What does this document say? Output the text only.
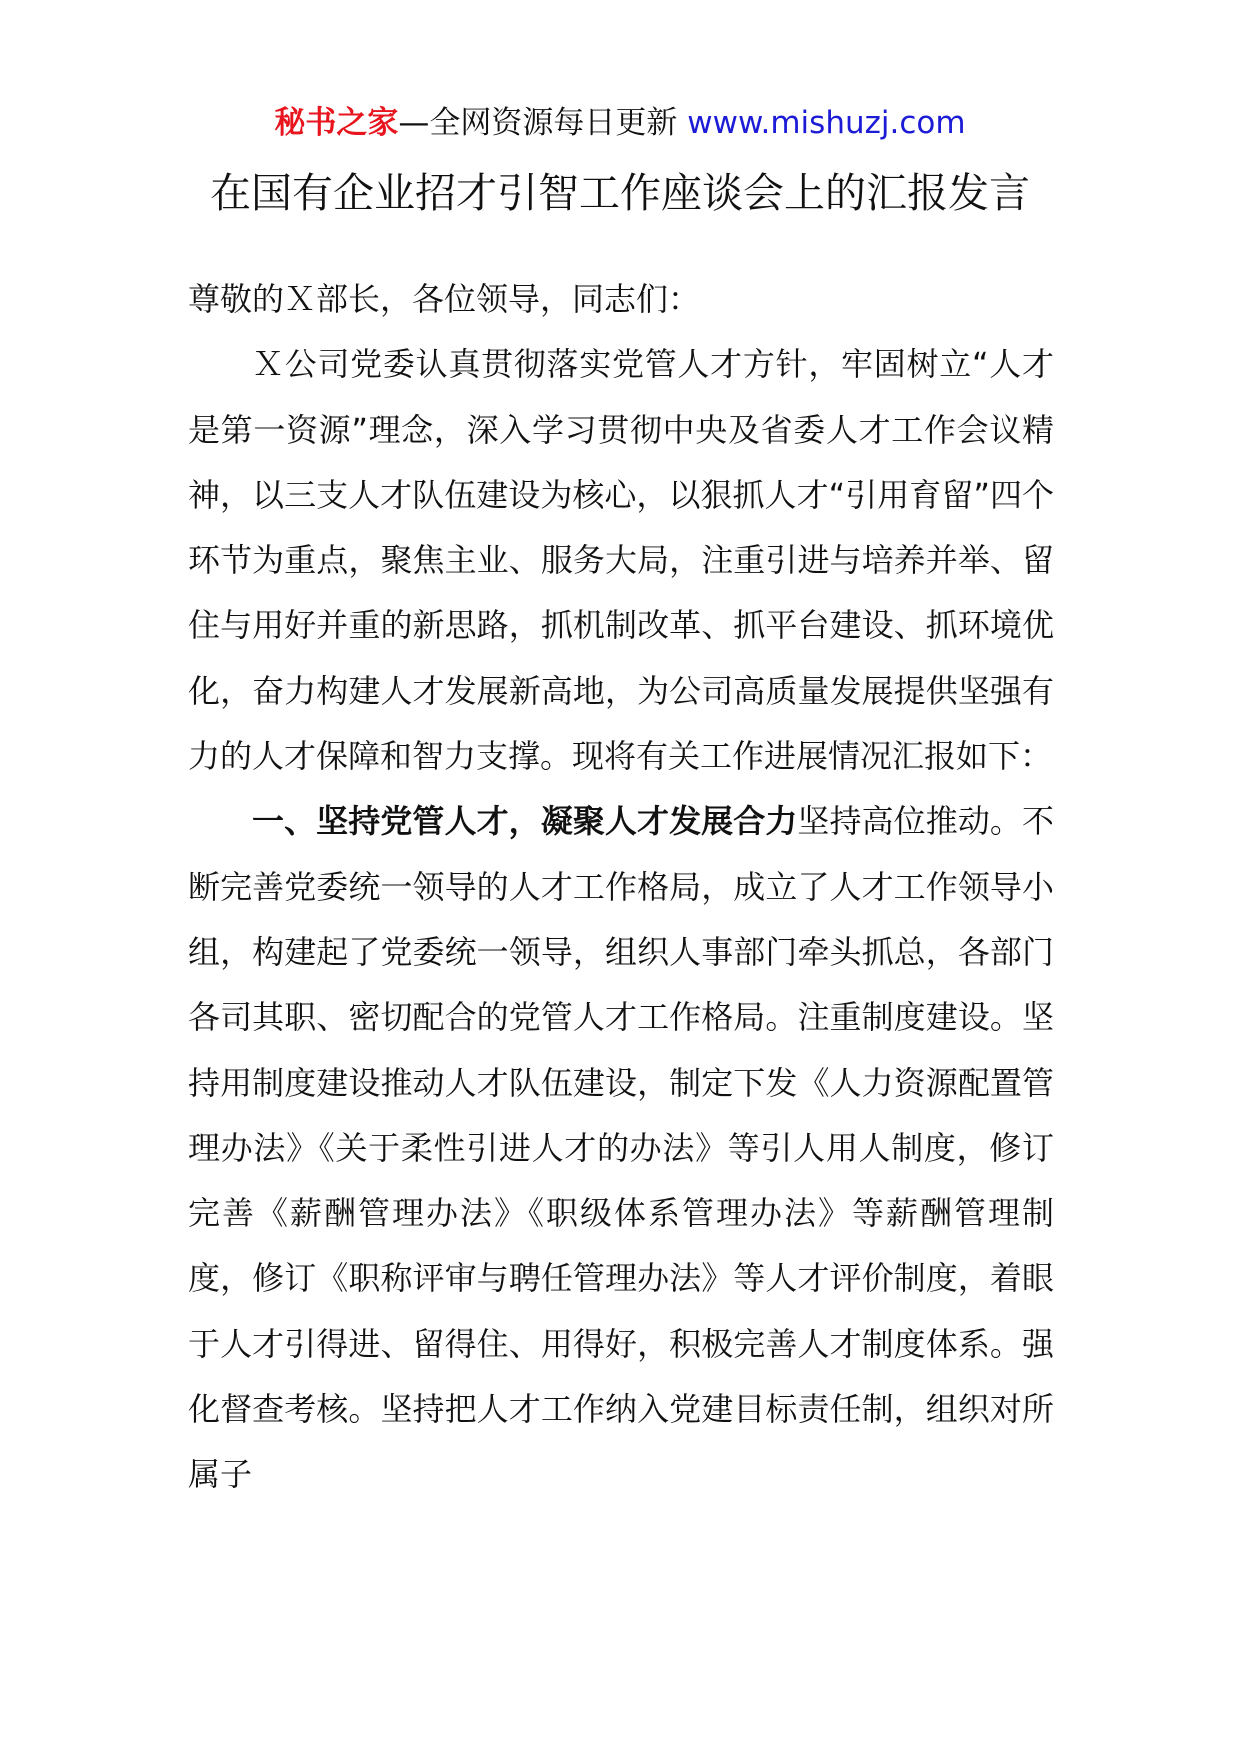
秘书之家—全网资源每日更新 www.mishuzj.com
在国有企业招才引智工作座谈会上的汇报发言

尊敬的Ｘ部长，各位领导，同志们：

Ｘ公司党委认真贯彻落实党管人才方针，牢固树立“人才是第一资源”理念，深入学习贯彻中央及省委人才工作会议精神，以三支人才队伍建设为核心，以狠抓人才“引用育留”四个环节为重点，聚焦主业、服务大局，注重引进与培养并举、留住与用好并重的新思路，抓机制改革、抓平台建设、抓环境优化，奋力构建人才发展新高地，为公司高质量发展提供坚强有力的人才保障和智力支撑。现将有关工作进展情况汇报如下：

一、坚持党管人才，凝聚人才发展合力坚持高位推动。不断完善党委统一领导的人才工作格局，成立了人才工作领导小组，构建起了党委统一领导，组织人事部门牵头抓总，各部门各司其职、密切配合的党管人才工作格局。注重制度建设。坚持用制度建设推动人才队伍建设，制定下发《人力资源配置管理办法》《关于柔性引进人才的办法》等引人用人制度，修订完善《薪酬管理办法》《职级体系管理办法》等薪酬管理制度，修订《职称评审与聘任管理办法》等人才评价制度，着眼于人才引得进、留得住、用得好，积极完善人才制度体系。强化督查考核。坚持把人才工作纳入党建目标责任制，组织对所属子
